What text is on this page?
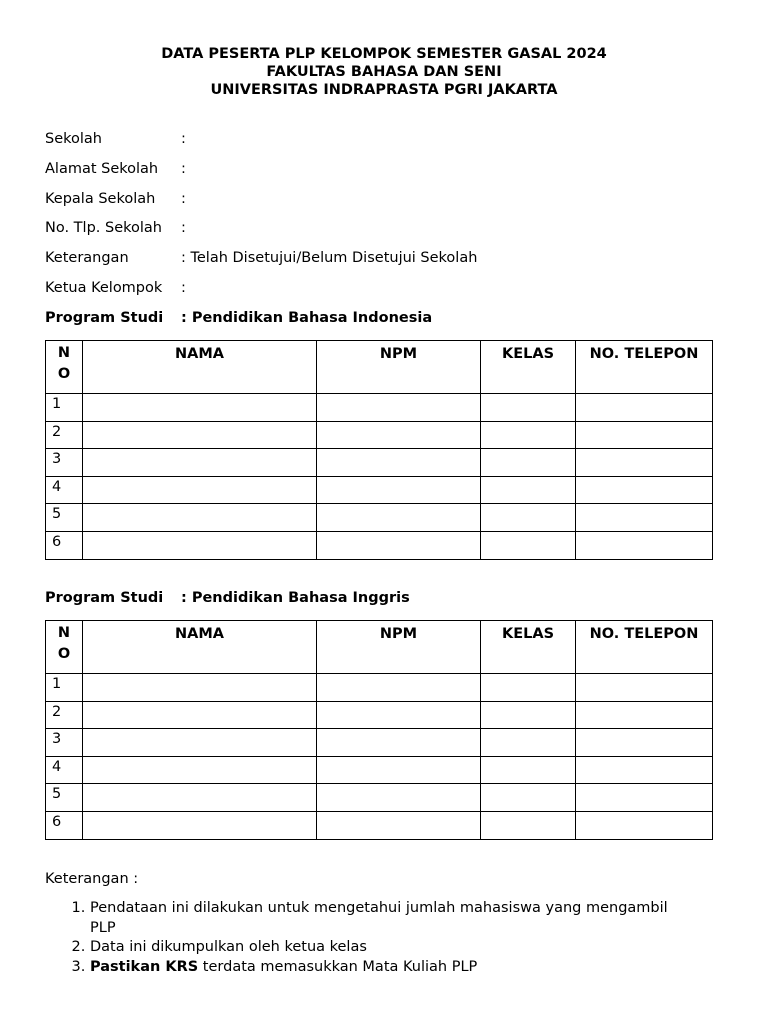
DATA PESERTA PLP KELOMPOK SEMESTER GASAL 2024
FAKULTAS BAHASA DAN SENI
UNIVERSITAS INDRAPRASTA PGRI JAKARTA
Sekolah	:
Alamat Sekolah	:
Kepala Sekolah	:
No. Tlp. Sekolah	:
Keterangan	: Telah Disetujui/Belum Disetujui Sekolah
Ketua Kelompok	:
Program Studi	: Pendidikan Bahasa Indonesia
N
O	NAMA	NPM	KELAS	NO. TELEPON
1				
2				
3				
4				
5				
6				
Program Studi	: Pendidikan Bahasa Inggris
N
O	NAMA	NPM	KELAS	NO. TELEPON
1				
2				
3				
4				
5				
6				
Keterangan :
1. Pendataan ini dilakukan untuk mengetahui jumlah mahasiswa yang mengambil PLP
2. Data ini dikumpulkan oleh ketua kelas
3. Pastikan KRS terdata memasukkan Mata Kuliah PLP
